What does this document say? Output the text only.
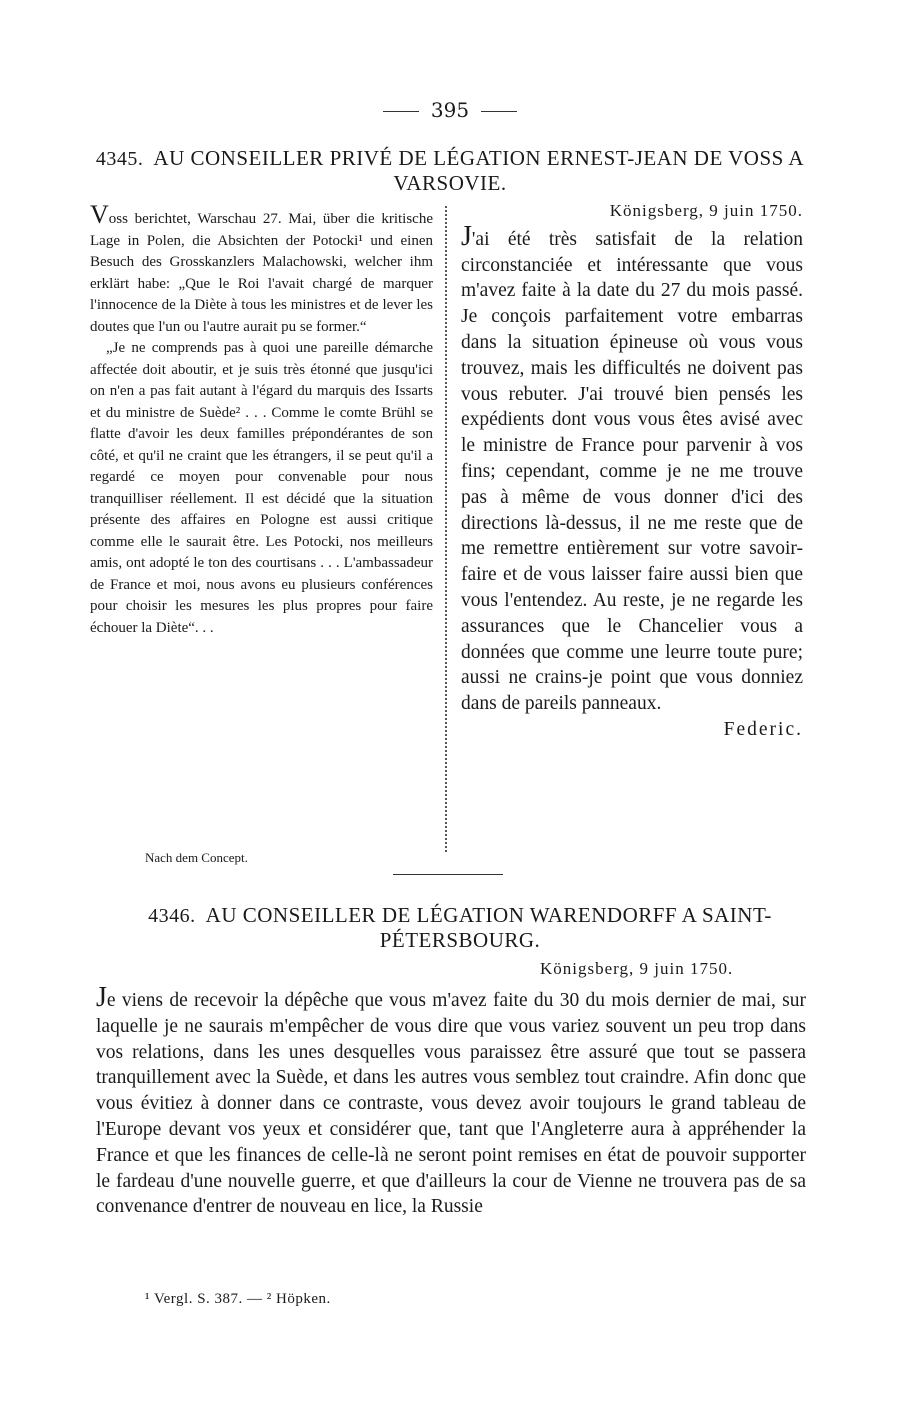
395
4345. AU CONSEILLER PRIVÉ DE LÉGATION ERNEST-JEAN DE VOSS A VARSOVIE.

Voss berichtet, Warschau 27. Mai, über die kritische Lage in Polen, die Absichten der Potocki¹ und einen Besuch des Grosskanzlers Malachowski, welcher ihm erklärt habe: „Que le Roi l'avait chargé de marquer l'innocence de la Diète à tous les ministres et de lever les doutes que l'un ou l'autre aurait pu se former.“

„Je ne comprends pas à quoi une pareille démarche affectée doit aboutir, et je suis très étonné que jusqu'ici on n'en a pas fait autant à l'égard du marquis des Issarts et du ministre de Suède² . . . Comme le comte Brühl se flatte d'avoir les deux familles prépondérantes de son côté, et qu'il ne craint que les étrangers, il se peut qu'il a regardé ce moyen pour convenable pour nous tranquilliser réellement. Il est décidé que la situation présente des affaires en Pologne est aussi critique comme elle le saurait être. Les Potocki, nos meilleurs amis, ont adopté le ton des courtisans . . . L'ambassadeur de France et moi, nous avons eu plusieurs conférences pour choisir les mesures les plus propres pour faire échouer la Diète“. . .

Königsberg, 9 juin 1750.

J'ai été très satisfait de la relation circonstanciée et intéressante que vous m'avez faite à la date du 27 du mois passé. Je conçois parfaitement votre embarras dans la situation épineuse où vous vous trouvez, mais les difficultés ne doivent pas vous rebuter. J'ai trouvé bien pensés les expédients dont vous vous êtes avisé avec le ministre de France pour parvenir à vos fins; cependant, comme je ne me trouve pas à même de vous donner d'ici des directions là-dessus, il ne me reste que de me remettre entièrement sur votre savoir-faire et de vous laisser faire aussi bien que vous l'entendez. Au reste, je ne regarde les assurances que le Chancelier vous a données que comme une leurre toute pure; aussi ne crains-je point que vous donniez dans de pareils panneaux.

Federic.

Nach dem Concept.
4346. AU CONSEILLER DE LÉGATION WARENDORFF A SAINT-PÉTERSBOURG.
Königsberg, 9 juin 1750.

Je viens de recevoir la dépêche que vous m'avez faite du 30 du mois dernier de mai, sur laquelle je ne saurais m'empêcher de vous dire que vous variez souvent un peu trop dans vos relations, dans les unes desquelles vous paraissez être assuré que tout se passera tranquillement avec la Suède, et dans les autres vous semblez tout craindre. Afin donc que vous évitiez à donner dans ce contraste, vous devez avoir toujours le grand tableau de l'Europe devant vos yeux et considérer que, tant que l'Angleterre aura à appréhender la France et que les finances de celle-là ne seront point remises en état de pouvoir supporter le fardeau d'une nouvelle guerre, et que d'ailleurs la cour de Vienne ne trouvera pas de sa convenance d'entrer de nouveau en lice, la Russie

¹ Vergl. S. 387. — ² Höpken.
